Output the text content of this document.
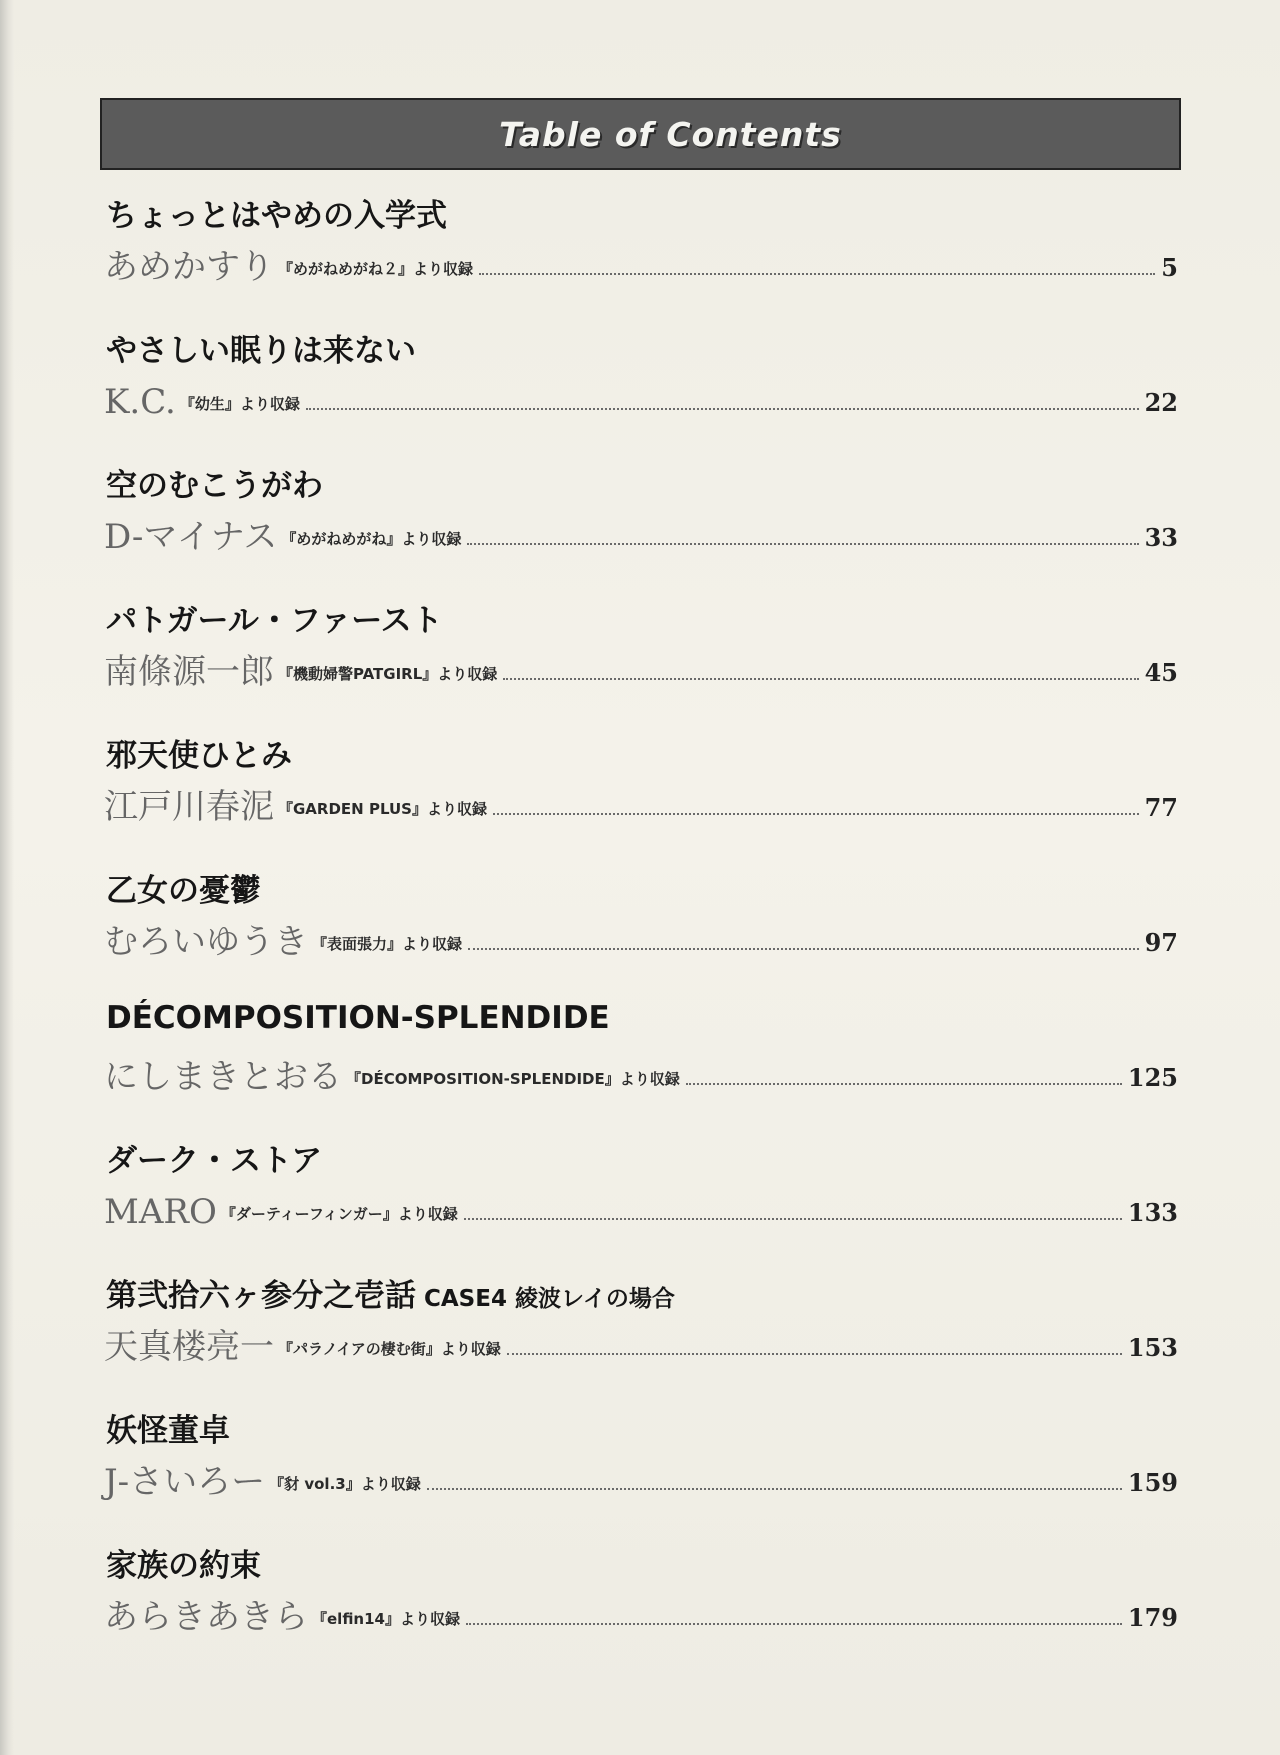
Table of Contents
ちょっとはやめの入学式
あめかすり 『めがねめがね２』より収録	5
やさしい眠りは来ない
K.C. 『幼生』より収録	22
空のむこうがわ
D-マイナス 『めがねめがね』より収録	33
パトガール・ファースト
南條源一郎 『機動婦警PATGIRL』より収録	45
邪天使ひとみ
江戸川春泥 『GARDEN PLUS』より収録	77
乙女の憂鬱
むろいゆうき 『表面張力』より収録	97
DÉCOMPOSITION-SPLENDIDE
にしまきとおる 『DÉCOMPOSITION-SPLENDIDE』より収録	125
ダーク・ストア
MARO 『ダーティーフィンガー』より収録	133
第弐拾六ヶ参分之壱話 CASE4 綾波レイの場合
天真楼亮一 『パラノイアの棲む街』より収録	153
妖怪董卓
J-さいろー 『豺 vol.3』より収録	159
家族の約束
あらきあきら 『elfin14』より収録	179
